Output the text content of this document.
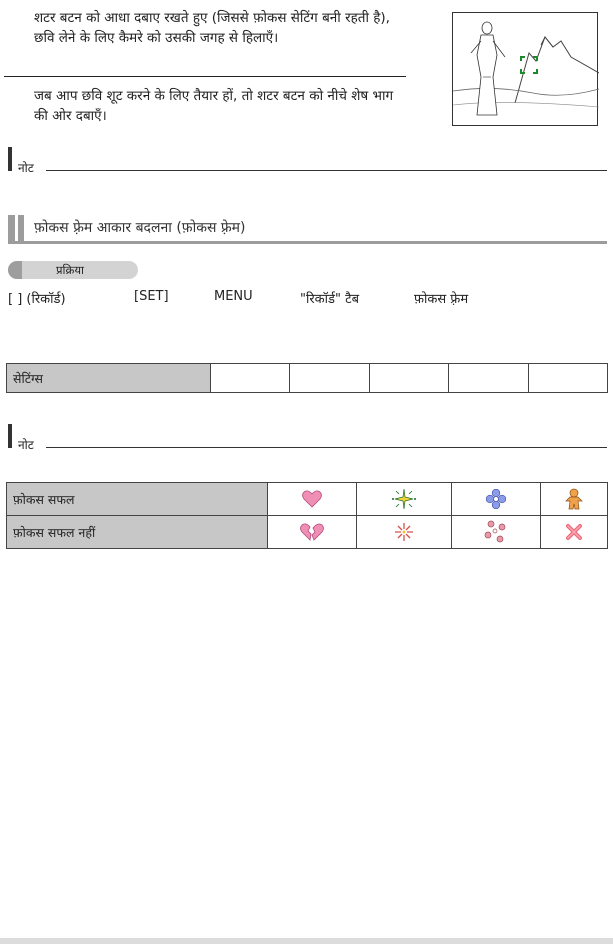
शटर बटन को आधा दबाए रखते हुए (जिससे फ़ोकस सेटिंग बनी रहती है), छवि लेने के लिए कैमरे को उसकी जगह से हिलाएँ।
जब आप छवि शूट करने के लिए तैयार हों, तो शटर बटन को नीचे शेष भाग की ओर दबाएँ।
नोट
फ़ोकस फ़्रेम आकार बदलना (फ़ोकस फ़्रेम)
प्रक्रिया
[ ] (रिकॉर्ड)	[SET]	MENU	"रिकॉर्ड" टैब	फ़ोकस फ़्रेम
सेटिंग्स					
नोट
फ़ोकस सफल				
फ़ोकस सफल नहीं				
